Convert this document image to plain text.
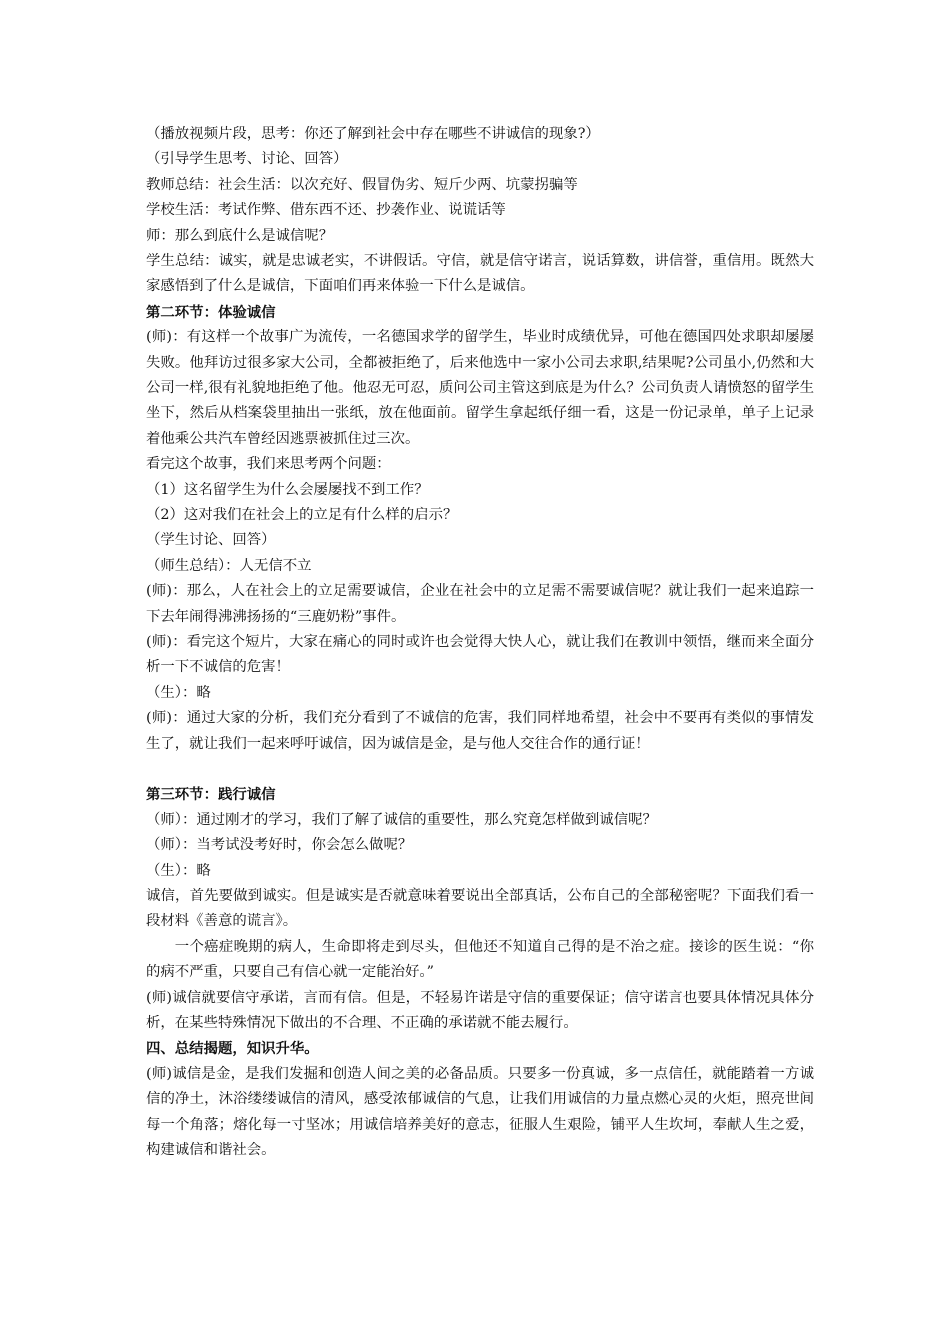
（播放视频片段，思考：你还了解到社会中存在哪些不讲诚信的现象?）
（引导学生思考、讨论、回答）
教师总结：社会生活：以次充好、假冒伪劣、短斤少两、坑蒙拐骗等
学校生活：考试作弊、借东西不还、抄袭作业、说谎话等
师：那么到底什么是诚信呢？
学生总结：诚实，就是忠诚老实，不讲假话。守信，就是信守诺言，说话算数，讲信誉，重信用。既然大家感悟到了什么是诚信，下面咱们再来体验一下什么是诚信。
第二环节：体验诚信
(师)：有这样一个故事广为流传，一名德国求学的留学生，毕业时成绩优异，可他在德国四处求职却屡屡失败。他拜访过很多家大公司，全都被拒绝了，后来他选中一家小公司去求职,结果呢?公司虽小,仍然和大公司一样,很有礼貌地拒绝了他。他忍无可忍，质问公司主管这到底是为什么？公司负责人请愤怒的留学生坐下，然后从档案袋里抽出一张纸，放在他面前。留学生拿起纸仔细一看，这是一份记录单，单子上记录着他乘公共汽车曾经因逃票被抓住过三次。
看完这个故事，我们来思考两个问题：
（1）这名留学生为什么会屡屡找不到工作？
（2）这对我们在社会上的立足有什么样的启示？
（学生讨论、回答）
（师生总结）：人无信不立
(师)：那么，人在社会上的立足需要诚信，企业在社会中的立足需不需要诚信呢？就让我们一起来追踪一下去年闹得沸沸扬扬的“三鹿奶粉”事件。
(师)：看完这个短片，大家在痛心的同时或许也会觉得大快人心，就让我们在教训中领悟，继而来全面分析一下不诚信的危害！
（生）：略
(师)：通过大家的分析，我们充分看到了不诚信的危害，我们同样地希望，社会中不要再有类似的事情发生了，就让我们一起来呼吁诚信，因为诚信是金，是与他人交往合作的通行证！
第三环节：践行诚信
（师）：通过刚才的学习，我们了解了诚信的重要性，那么究竟怎样做到诚信呢？
（师）：当考试没考好时，你会怎么做呢？
（生）：略
诚信，首先要做到诚实。但是诚实是否就意味着要说出全部真话，公布自己的全部秘密呢？下面我们看一段材料《善意的谎言》。
一个癌症晚期的病人，生命即将走到尽头，但他还不知道自己得的是不治之症。接诊的医生说：“你的病不严重，只要自己有信心就一定能治好。”
(师)诚信就要信守承诺，言而有信。但是，不轻易许诺是守信的重要保证；信守诺言也要具体情况具体分析，在某些特殊情况下做出的不合理、不正确的承诺就不能去履行。
四、总结揭题，知识升华。
(师)诚信是金，是我们发掘和创造人间之美的必备品质。只要多一份真诚，多一点信任，就能踏着一方诚信的净土，沐浴缕缕诚信的清风，感受浓郁诚信的气息，让我们用诚信的力量点燃心灵的火炬，照亮世间每一个角落；熔化每一寸坚冰；用诚信培养美好的意志，征服人生艰险，铺平人生坎坷，奉献人生之爱，构建诚信和谐社会。
